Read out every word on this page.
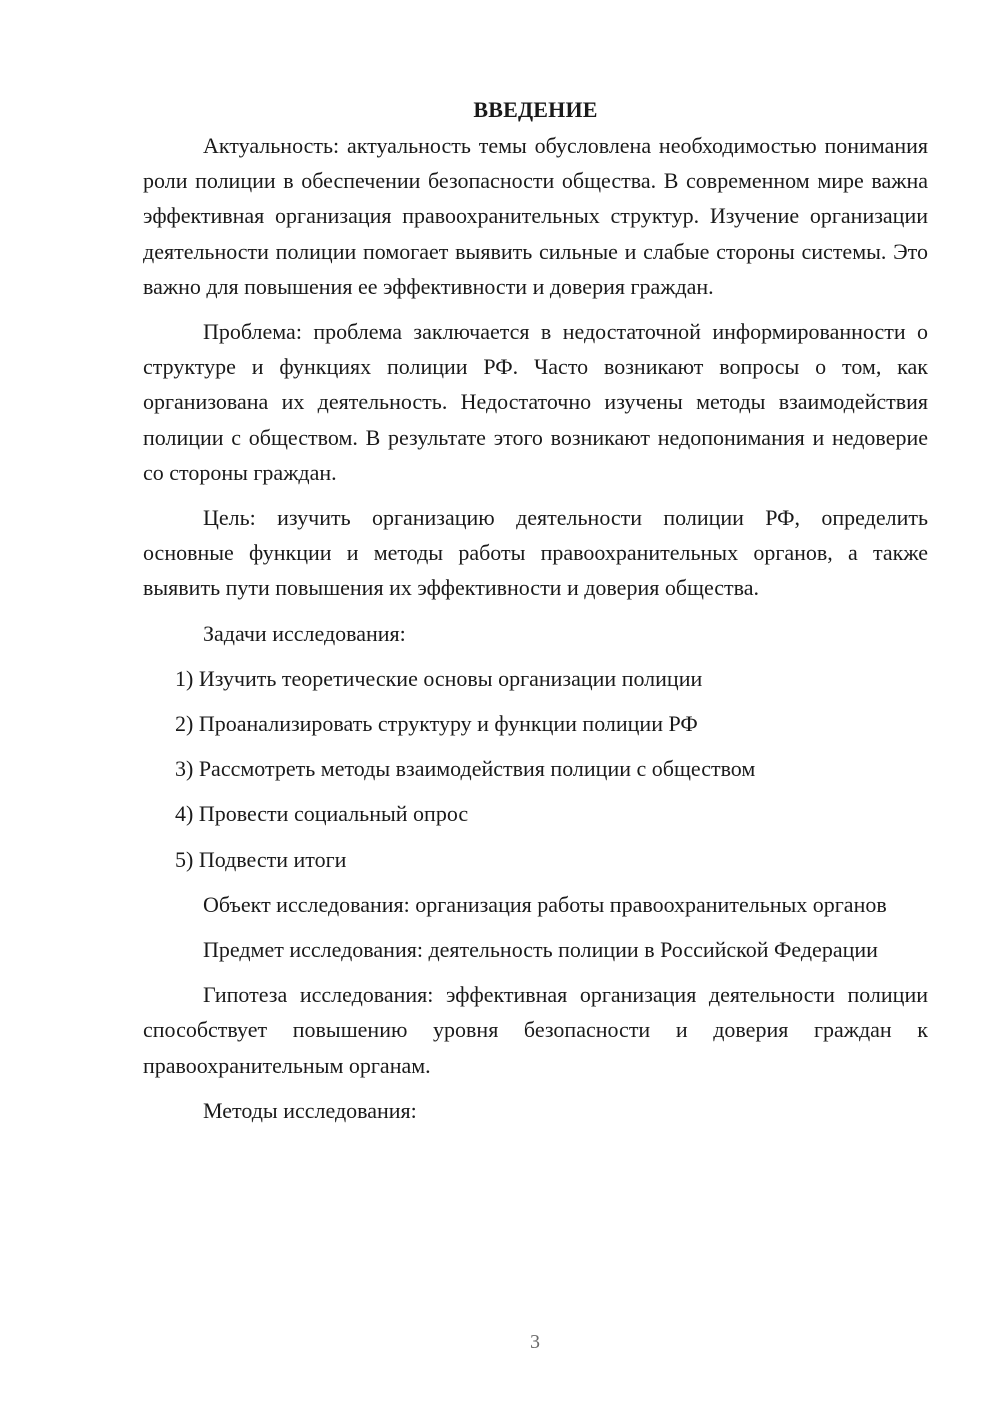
ВВЕДЕНИЕ

Актуальность: актуальность темы обусловлена необходимостью понимания роли полиции в обеспечении безопасности общества. В современном мире важна эффективная организация правоохранительных структур. Изучение организации деятельности полиции помогает выявить сильные и слабые стороны системы. Это важно для повышения ее эффективности и доверия граждан.

Проблема: проблема заключается в недостаточной информированности о структуре и функциях полиции РФ. Часто возникают вопросы о том, как организована их деятельность. Недостаточно изучены методы взаимодействия полиции с обществом. В результате этого возникают недопонимания и недоверие со стороны граждан.

Цель: изучить организацию деятельности полиции РФ, определить основные функции и методы работы правоохранительных органов, а также выявить пути повышения их эффективности и доверия общества.

Задачи исследования:

1) Изучить теоретические основы организации полиции
2) Проанализировать структуру и функции полиции РФ
3) Рассмотреть методы взаимодействия полиции с обществом
4) Провести социальный опрос
5) Подвести итоги

Объект исследования: организация работы правоохранительных органов

Предмет исследования: деятельность полиции в Российской Федерации

Гипотеза исследования: эффективная организация деятельности полиции способствует повышению уровня безопасности и доверия граждан к правоохранительным органам.

Методы исследования:

3
